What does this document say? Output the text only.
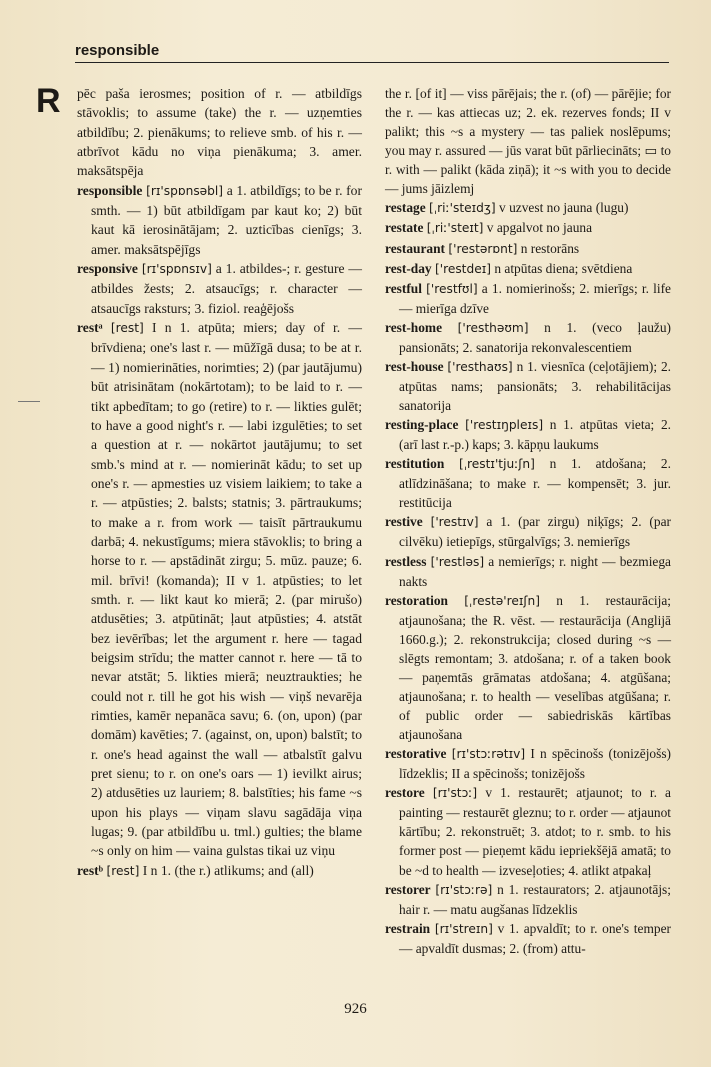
responsible
R pēc paša ierosmes; position of r. — atbildīgs stāvoklis; to assume (take) the r. — uzņemties atbildību; 2. pienākums; to relieve smb. of his r. — atbrīvot kādu no viņa pienākuma; 3. amer. maksātspēja

responsible [rɪ'spɒnsəbl] a 1. atbildīgs; to be r. for smth. — 1) būt atbildīgam par kaut ko; 2) būt kaut kā ierosinātājam; 2. uzticības cienīgs; 3. amer. maksātspējīgs

responsive [rɪ'spɒnsɪv] a 1. atbildes-; r. gesture — atbildes žests; 2. atsaucīgs; r. character — atsaucīgs raksturs; 3. fiziol. reaģējošs

restᵃ [rest] I n 1. atpūta; miers; day of r. — brīvdiena; one's last r. — mūžīgā dusa; to be at r. — 1) nomierināties, norimties; 2) (par jautājumu) būt atrisinātam (nokārtotam); to be laid to r. — tikt apbedītam; to go (retire) to r. — likties gulēt; to have a good night's r. — labi izgulēties; to set a question at r. — nokārtot jautājumu; to set smb.'s mind at r. — nomierināt kādu; to set up one's r. — apmesties uz visiem laikiem; to take a r. — atpūsties; 2. balsts; statnis; 3. pārtraukums; to make a r. from work — taisīt pārtraukumu darbā; 4. nekustīgums; miera stāvoklis; to bring a horse to r. — apstādināt zirgu; 5. mūz. pauze; 6. mil. brīvi! (komanda); II v 1. atpūsties; to let smth. r. — likt kaut ko mierā; 2. (par mirušo) atdusēties; 3. atpūtināt; ļaut atpūsties; 4. atstāt bez ievērības; let the argument r. here — tagad beigsim strīdu; the matter cannot r. here — tā to nevar atstāt; 5. likties mierā; neuztraukties; he could not r. till he got his wish — viņš nevarēja rimties, kamēr nepanāca savu; 6. (on, upon) (par domām) kavēties; 7. (against, on, upon) balstīt; to r. one's head against the wall — atbalstīt galvu pret sienu; to r. on one's oars — 1) ievilkt airus; 2) atdusēties uz lauriem; 8. balstīties; his fame ~s upon his plays — viņam slavu sagādāja viņa lugas; 9. (par atbildību u. tml.) gulties; the blame ~s only on him — vaina gulstas tikai uz viņu

restᵇ [rest] I n 1. (the r.) atlikums; and (all)

the r. [of it] — viss pārējais; the r. (of) — pārējie; for the r. — kas attiecas uz; 2. ek. rezerves fonds; II v palikt; this ~s a mystery — tas paliek noslēpums; you may r. assured — jūs varat būt pārliecināts; ▭ to r. with — palikt (kāda ziņā); it ~s with you to decide — jums jāizlemj

restage [ˌriː'steɪdʒ] v uzvest no jauna (lugu)

restate [ˌriː'steɪt] v apgalvot no jauna

restaurant ['restərɒnt] n restorāns

rest-day ['restdeɪ] n atpūtas diena; svētdiena

restful ['restfʊl] a 1. nomierinošs; 2. mierīgs; r. life — mierīga dzīve

rest-home ['resthəʊm] n 1. (veco ļaužu) pansionāts; 2. sanatorija rekonvalescentiem

rest-house ['resthaʊs] n 1. viesnīca (ceļotājiem); 2. atpūtas nams; pansionāts; 3. rehabilitācijas sanatorija

resting-place ['restɪŋpleɪs] n 1. atpūtas vieta; 2. (arī last r.-p.) kaps; 3. kāpņu laukums

restitution [ˌrestɪ'tjuːʃn] n 1. atdošana; 2. atlīdzināšana; to make r. — kompensēt; 3. jur. restitūcija

restive ['restɪv] a 1. (par zirgu) niķīgs; 2. (par cilvēku) ietiepīgs, stūrgalvīgs; 3. nemierīgs

restless ['restləs] a nemierīgs; r. night — bezmiega nakts

restoration [ˌrestə'reɪʃn] n 1. restaurācija; atjaunošana; the R. vēst. — restaurācija (Anglijā 1660.g.); 2. rekonstrukcija; closed during ~s — slēgts remontam; 3. atdošana; r. of a taken book — paņemtās grāmatas atdošana; 4. atgūšana; atjaunošana; r. to health — veselības atgūšana; r. of public order — sabiedriskās kārtības atjaunošana

restorative [rɪ'stɔːrətɪv] I n spēcinošs (tonizējošs) līdzeklis; II a spēcinošs; tonizējošs

restore [rɪ'stɔː] v 1. restaurēt; atjaunot; to r. a painting — restaurēt gleznu; to r. order — atjaunot kārtību; 2. rekonstruēt; 3. atdot; to r. smb. to his former post — pieņemt kādu iepriekšējā amatā; to be ~d to health — izveseļoties; 4. atlikt atpakaļ

restorer [rɪ'stɔːrə] n 1. restaurators; 2. atjaunotājs; hair r. — matu augšanas līdzeklis

restrain [rɪ'streɪn] v 1. apvaldīt; to r. one's temper — apvaldīt dusmas; 2. (from) attu-

926
